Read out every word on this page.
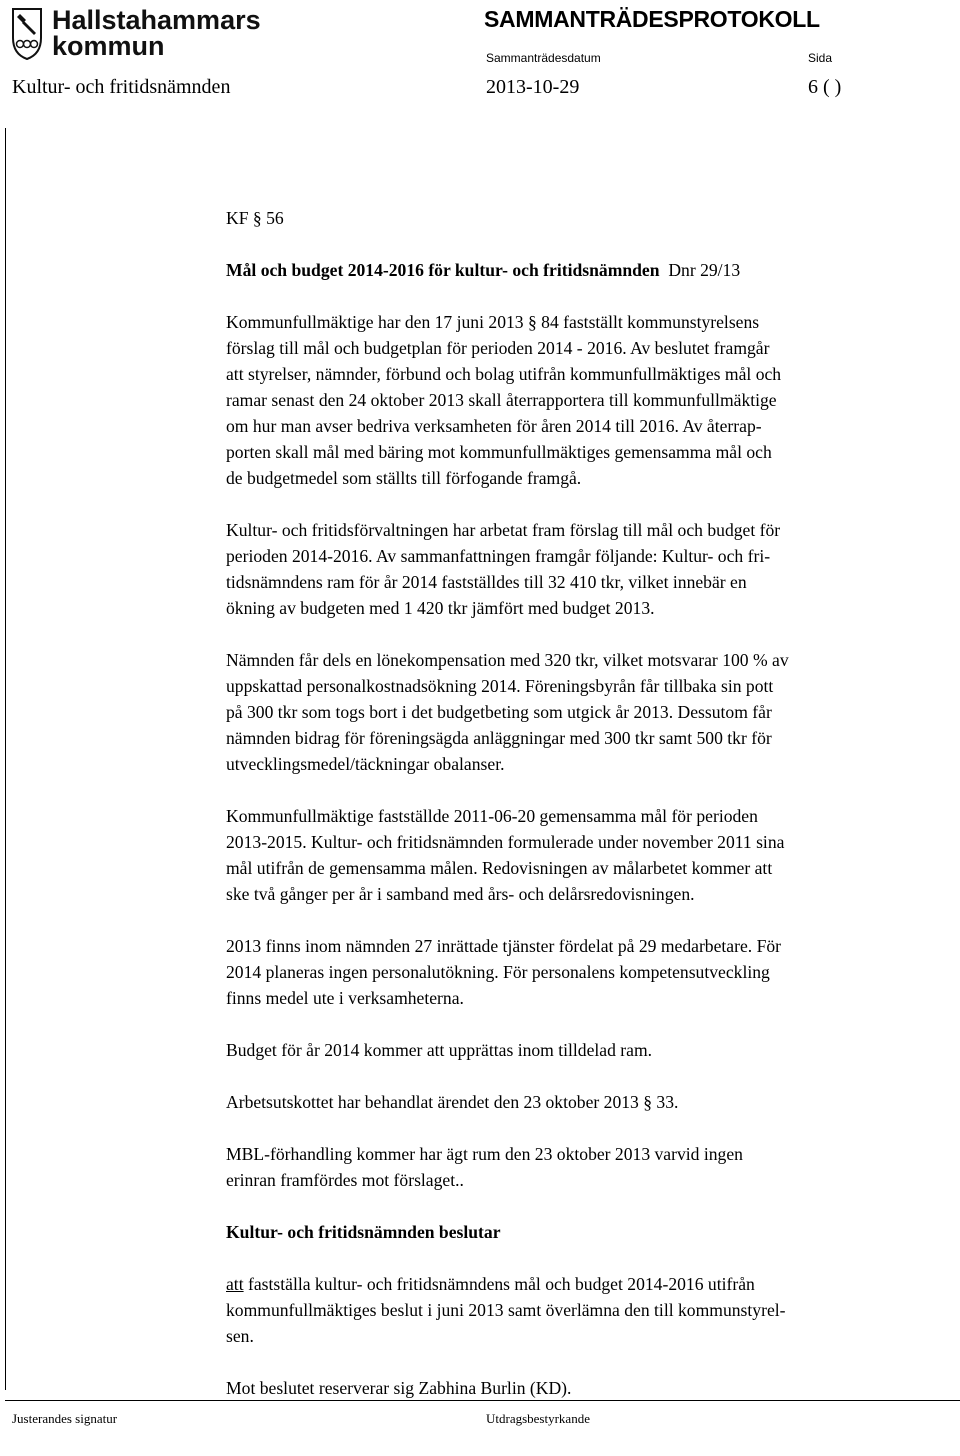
Hallstahammars
kommun
SAMMANTRÄDESPROTOKOLL
Sammanträdesdatum	Sida
Kultur- och fritidsnämnden	2013-10-29	6 ( )

KF § 56

Mål och budget 2014-2016 för kultur- och fritidsnämnden Dnr 29/13

Kommunfullmäktige har den 17 juni 2013 § 84 fastställt kommunstyrelsens
förslag till mål och budgetplan för perioden 2014 - 2016. Av beslutet framgår
att styrelser, nämnder, förbund och bolag utifrån kommunfullmäktiges mål och
ramar senast den 24 oktober 2013 skall återrapportera till kommunfullmäktige
om hur man avser bedriva verksamheten för åren 2014 till 2016. Av återrap-
porten skall mål med bäring mot kommunfullmäktiges gemensamma mål och
de budgetmedel som ställts till förfogande framgå.

Kultur- och fritidsförvaltningen har arbetat fram förslag till mål och budget för
perioden 2014-2016. Av sammanfattningen framgår följande: Kultur- och fri-
tidsnämndens ram för år 2014 fastställdes till 32 410 tkr, vilket innebär en
ökning av budgeten med 1 420 tkr jämfört med budget 2013.

Nämnden får dels en lönekompensation med 320 tkr, vilket motsvarar 100 % av
uppskattad personalkostnadsökning 2014. Föreningsbyrån får tillbaka sin pott
på 300 tkr som togs bort i det budgetbeting som utgick år 2013. Dessutom får
nämnden bidrag för föreningsägda anläggningar med 300 tkr samt 500 tkr för
utvecklingsmedel/täckningar obalanser.

Kommunfullmäktige fastställde 2011-06-20 gemensamma mål för perioden
2013-2015. Kultur- och fritidsnämnden formulerade under november 2011 sina
mål utifrån de gemensamma målen. Redovisningen av målarbetet kommer att
ske två gånger per år i samband med års- och delårsredovisningen.

2013 finns inom nämnden 27 inrättade tjänster fördelat på 29 medarbetare. För
2014 planeras ingen personalutökning. För personalens kompetensutveckling
finns medel ute i verksamheterna.

Budget för år 2014 kommer att upprättas inom tilldelad ram.

Arbetsutskottet har behandlat ärendet den 23 oktober 2013 § 33.

MBL-förhandling kommer har ägt rum den 23 oktober 2013 varvid ingen
erinran framfördes mot förslaget..

Kultur- och fritidsnämnden beslutar

att fastställa kultur- och fritidsnämndens mål och budget 2014-2016 utifrån
kommunfullmäktiges beslut i juni 2013 samt överlämna den till kommunstyrel-
sen.

Mot beslutet reserverar sig Zabhina Burlin (KD).

Justerandes signatur	Utdragsbestyrkande
